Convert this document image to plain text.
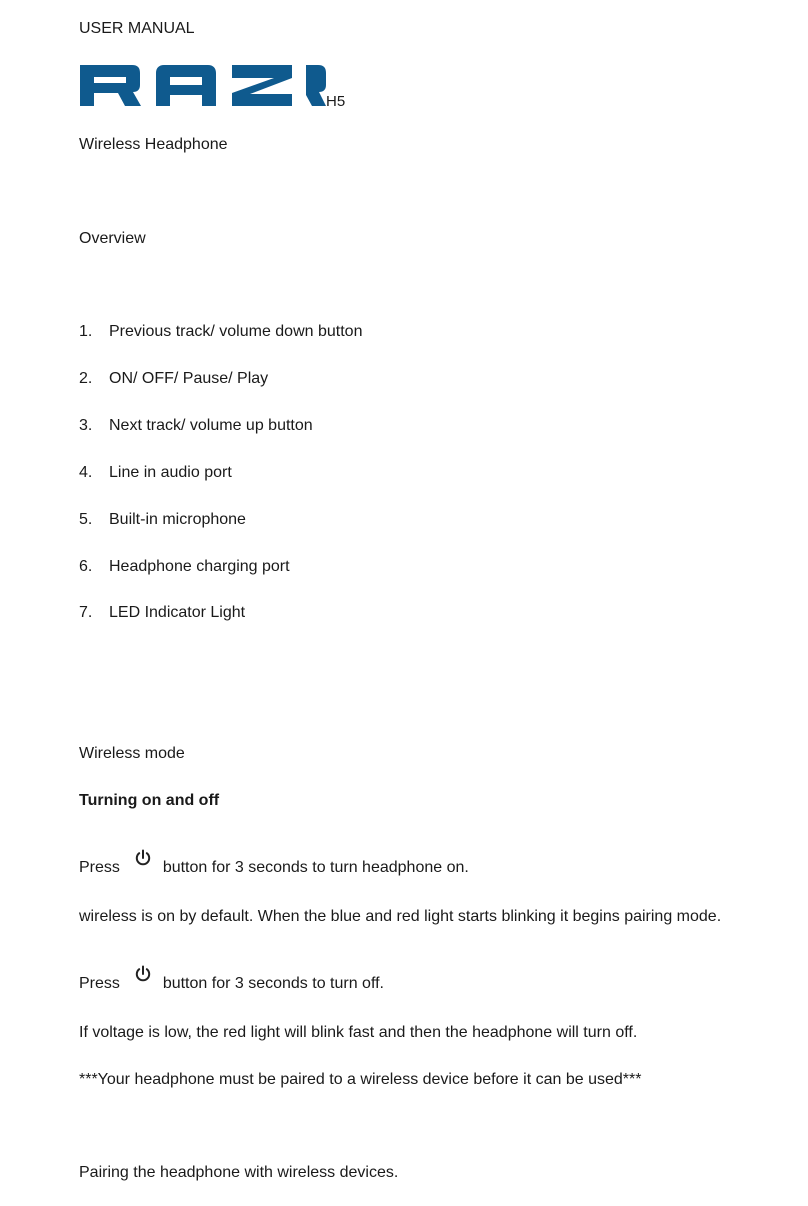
USER MANUAL
H5
Wireless Headphone
Overview
1. Previous track/ volume down button
2. ON/ OFF/ Pause/ Play
3. Next track/ volume up button
4. Line in audio port
5. Built-in microphone
6. Headphone charging port
7. LED Indicator Light
Wireless mode
Turning on and off
Press	button for 3 seconds to turn headphone on.
wireless is on by default. When the blue and red light starts blinking it begins pairing mode.
Press	button for 3 seconds to turn off.
If voltage is low, the red light will blink fast and then the headphone will turn off.
***Your headphone must be paired to a wireless device before it can be used***
Pairing the headphone with wireless devices.
